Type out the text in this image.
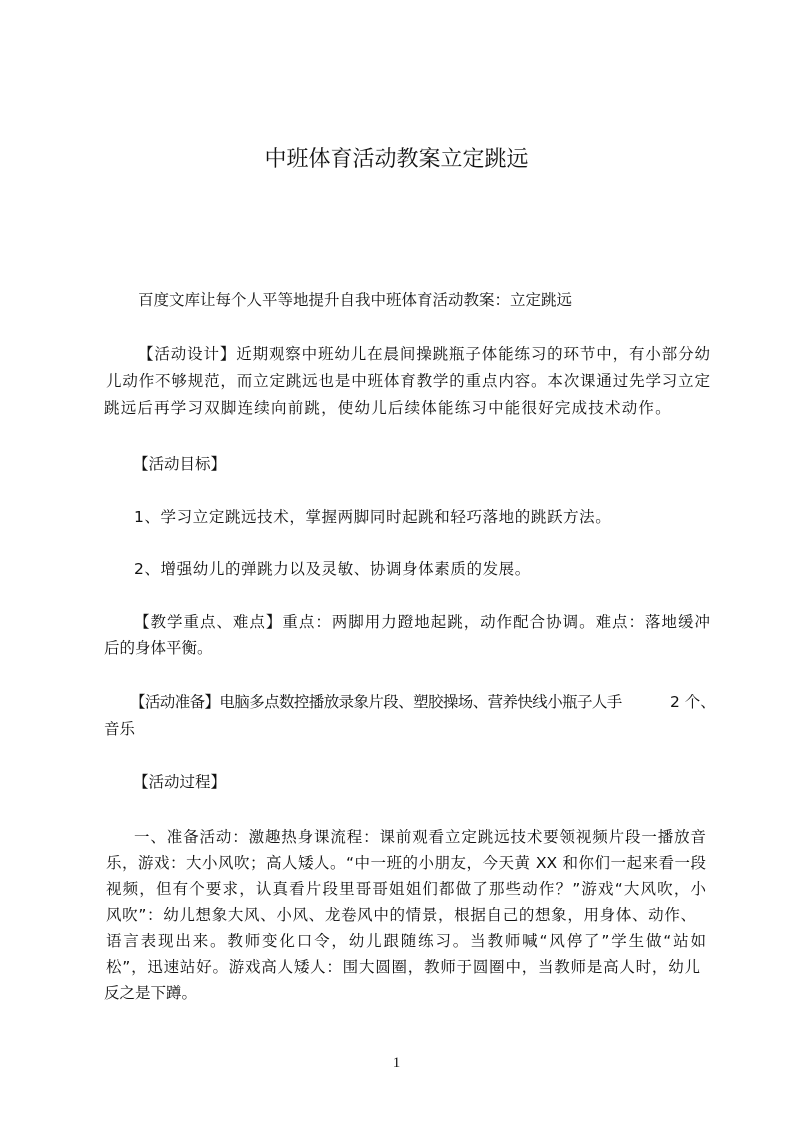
中班体育活动教案立定跳远
百度文库让每个人平等地提升自我中班体育活动教案：立定跳远
【活动设计】近期观察中班幼儿在晨间操跳瓶子体能练习的环节中，有小部分幼
儿动作不够规范，而立定跳远也是中班体育教学的重点内容。本次课通过先学习立定
跳远后再学习双脚连续向前跳，使幼儿后续体能练习中能很好完成技术动作。
【活动目标】
1、学习立定跳远技术，掌握两脚同时起跳和轻巧落地的跳跃方法。
2、增强幼儿的弹跳力以及灵敏、协调身体素质的发展。
【教学重点、难点】重点：两脚用力蹬地起跳，动作配合协调。难点：落地缓冲
后的身体平衡。
【活动准备】电脑多点数控播放录象片段、塑胶操场、营养快线小瓶子人手	2 个、
音乐
【活动过程】
一、准备活动：激趣热身课流程：课前观看立定跳远技术要领视频片段一播放音
乐，游戏：大小风吹；高人矮人。“中一班的小朋友，今天黄 XX 和你们一起来看一段
视频，但有个要求，认真看片段里哥哥姐姐们都做了那些动作？”游戏“大风吹，小
风吹”：幼儿想象大风、小风、龙卷风中的情景，根据自己的想象，用身体、动作、
语言表现出来。教师变化口令，幼儿跟随练习。当教师喊“风停了”学生做“站如
松”，迅速站好。游戏高人矮人：围大圆圈，教师于圆圈中，当教师是高人时，幼儿
反之是下蹲。
1
